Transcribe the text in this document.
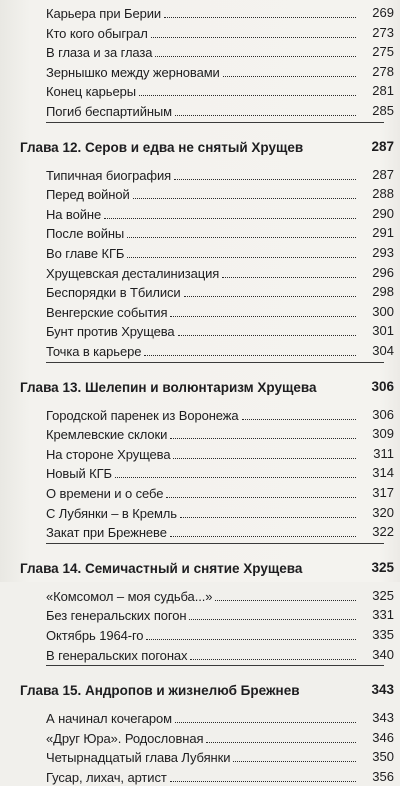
Карьера при Берии	269
Кто кого обыграл	273
В глаза и за глаза	275
Зернышко между жерновами	278
Конец карьеры	281
Погиб беспартийным	285
Глава 12. Серов и едва не снятый Хрущев	287
Типичная биография	287
Перед войной	288
На войне	290
После войны	291
Во главе КГБ	293
Хрущевская десталинизация	296
Беспорядки в Тбилиси	298
Венгерские события	300
Бунт против Хрущева	301
Точка в карьере	304
Глава 13. Шелепин и волюнтаризм Хрущева	306
Городской паренек из Воронежа	306
Кремлевские склоки	309
На стороне Хрущева	311
Новый КГБ	314
О времени и о себе	317
С Лубянки – в Кремль	320
Закат при Брежневе	322
Глава 14. Семичастный и снятие Хрущева	325
«Комсомол – моя судьба...»	325
Без генеральских погон	331
Октябрь 1964-го	335
В генеральских погонах	340
Глава 15. Андропов и жизнелюб Брежнев	343
А начинал кочегаром	343
«Друг Юра». Родословная	346
Четырнадцатый глава Лубянки	350
Гусар, лихач, артист	356
